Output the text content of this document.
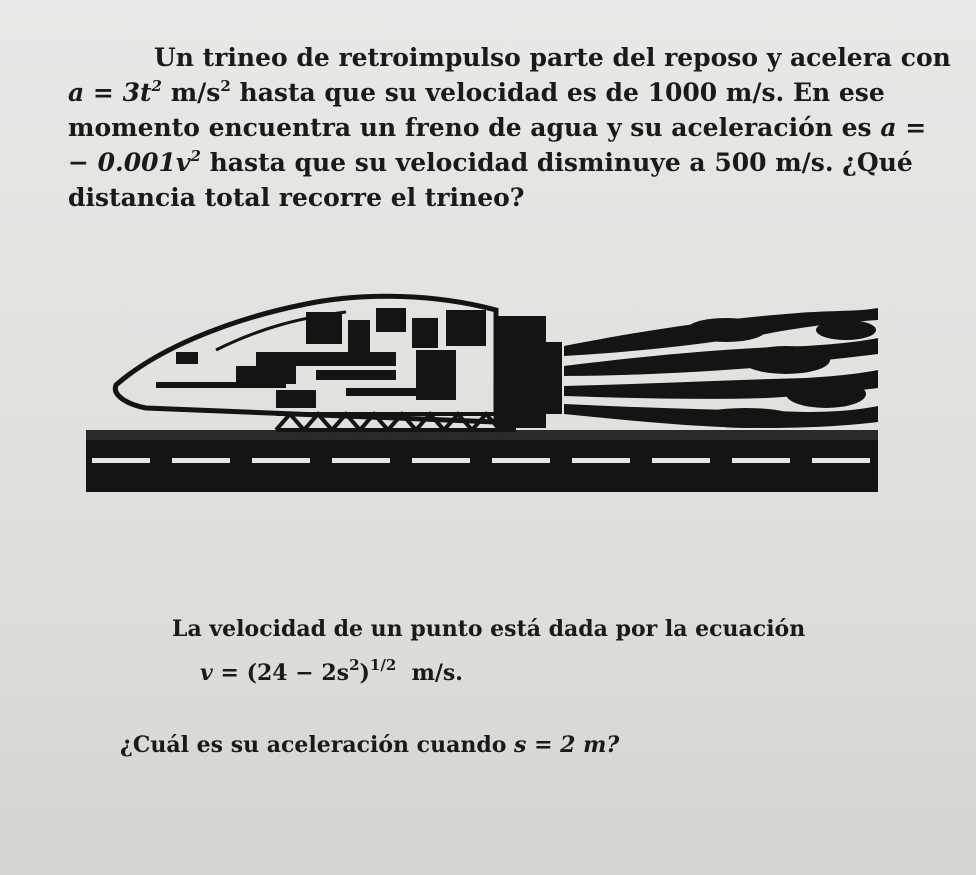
Un trineo de retroimpulso parte del reposo y acelera con
$a = 3t^2$ $m/s^2$ hasta que su velocidad es de 1000 m/s. En ese
momento encuentra un freno de agua y su aceleración es a =
− $0.001v^2$ hasta que su velocidad disminuye a 500 m/s. ¿Qué
distancia total recorre el trineo?
La velocidad de un punto está dada por la ecuación
$v = (24 - 2s^2)^{1/2}$ m/s.
¿Cuál es su aceleración cuando s = 2 m?
